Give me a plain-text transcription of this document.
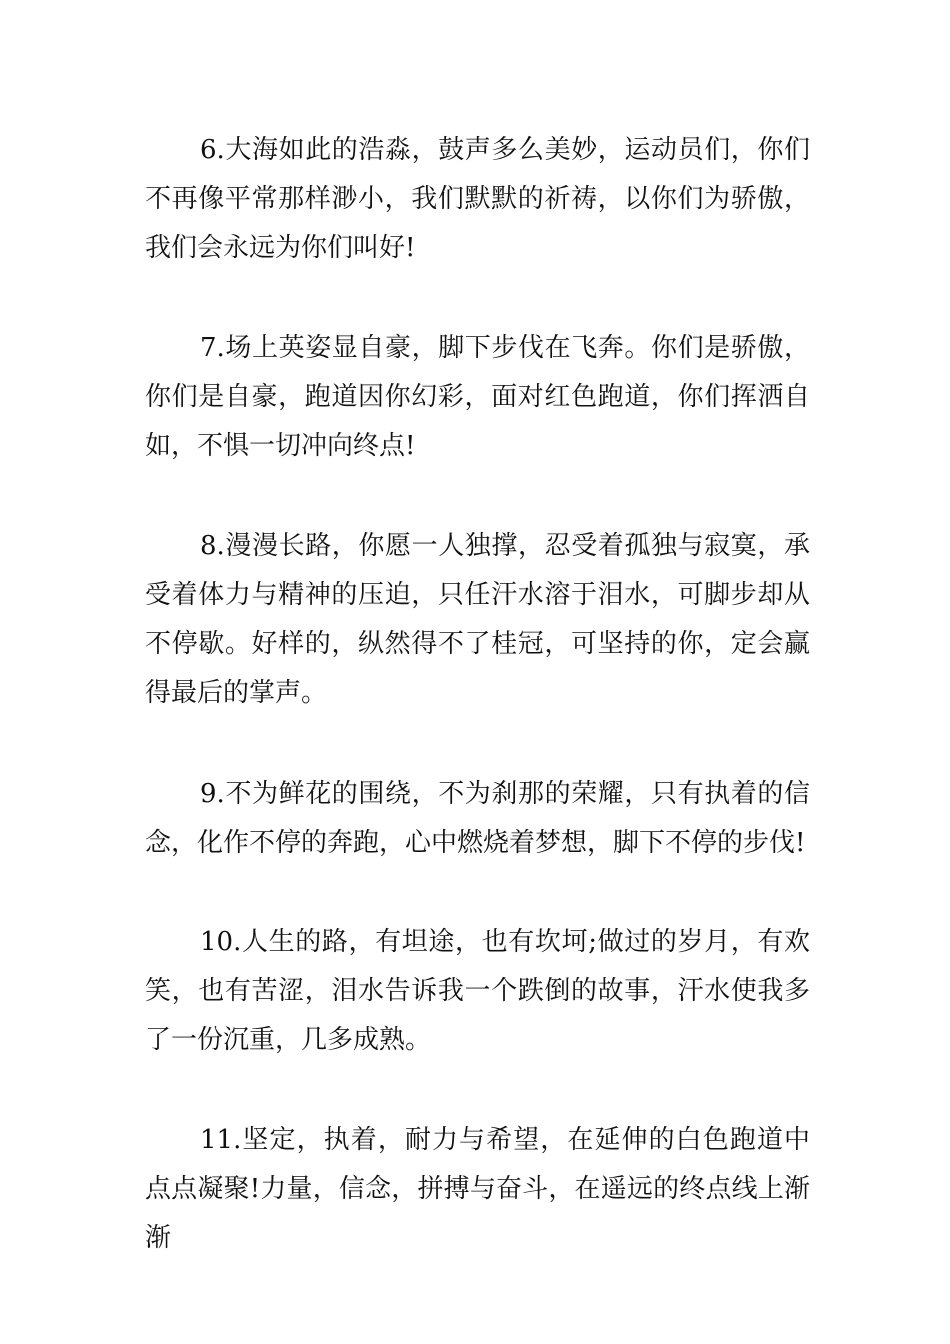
6.大海如此的浩淼，鼓声多么美妙，运动员们，你们不再像平常那样渺小，我们默默的祈祷，以你们为骄傲，我们会永远为你们叫好!

7.场上英姿显自豪，脚下步伐在飞奔。你们是骄傲，你们是自豪，跑道因你幻彩，面对红色跑道，你们挥洒自如，不惧一切冲向终点!

8.漫漫长路，你愿一人独撑，忍受着孤独与寂寞，承受着体力与精神的压迫，只任汗水溶于泪水，可脚步却从不停歇。好样的，纵然得不了桂冠，可坚持的你，定会赢得最后的掌声。

9.不为鲜花的围绕，不为刹那的荣耀，只有执着的信念，化作不停的奔跑，心中燃烧着梦想，脚下不停的步伐!

10.人生的路，有坦途，也有坎坷;做过的岁月，有欢笑，也有苦涩，泪水告诉我一个跌倒的故事，汗水使我多了一份沉重，几多成熟。

11.坚定，执着，耐力与希望，在延伸的白色跑道中点点凝聚!力量，信念，拼搏与奋斗，在遥远的终点线上渐渐
